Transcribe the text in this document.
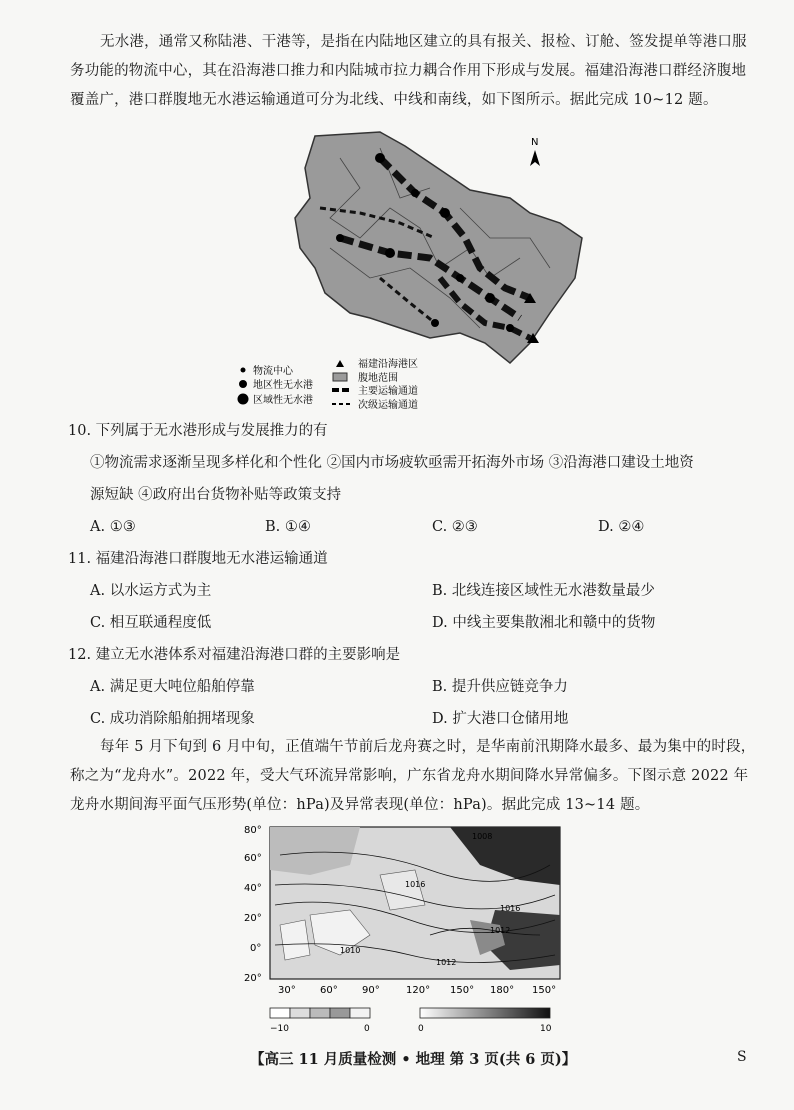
无水港，通常又称陆港、干港等，是指在内陆地区建立的具有报关、报检、订舱、签发提单等港口服务功能的物流中心，其在沿海港口推力和内陆城市拉力耦合作用下形成与发展。福建沿海港口群经济腹地覆盖广，港口群腹地无水港运输通道可分为北线、中线和南线，如下图所示。据此完成 10~12 题。

N
物流中心
地区性无水港
区域性无水港
福建沿海港区
腹地范围
主要运输通道
次级运输通道
10. 下列属于无水港形成与发展推力的有
①物流需求逐渐呈现多样化和个性化 ②国内市场疲软亟需开拓海外市场 ③沿海港口建设土地资
源短缺 ④政府出台货物补贴等政策支持
A. ①③	B. ①④	C. ②③	D. ②④
11. 福建沿海港口群腹地无水港运输通道
A. 以水运方式为主	B. 北线连接区域性无水港数量最少
C. 相互联通程度低	D. 中线主要集散湘北和赣中的货物
12. 建立无水港体系对福建沿海港口群的主要影响是
A. 满足更大吨位船舶停靠	B. 提升供应链竞争力
C. 成功消除船舶拥堵现象	D. 扩大港口仓储用地

每年 5 月下旬到 6 月中旬，正值端午节前后龙舟赛之时，是华南前汛期降水最多、最为集中的时段，称之为“龙舟水”。2022 年，受大气环流异常影响，广东省龙舟水期间降水异常偏多。下图示意 2022 年龙舟水期间海平面气压形势(单位：hPa)及异常表现(单位：hPa)。据此完成 13~14 题。

1008
1016
1012
1010
1012
1016
80°
60°
40°
20°
0°
20°
30° 60° 90°	120° 150° 180° 150°
−10	0	0	10
【高三 11 月质量检测 • 地理 第 3 页(共 6 页)】	S
